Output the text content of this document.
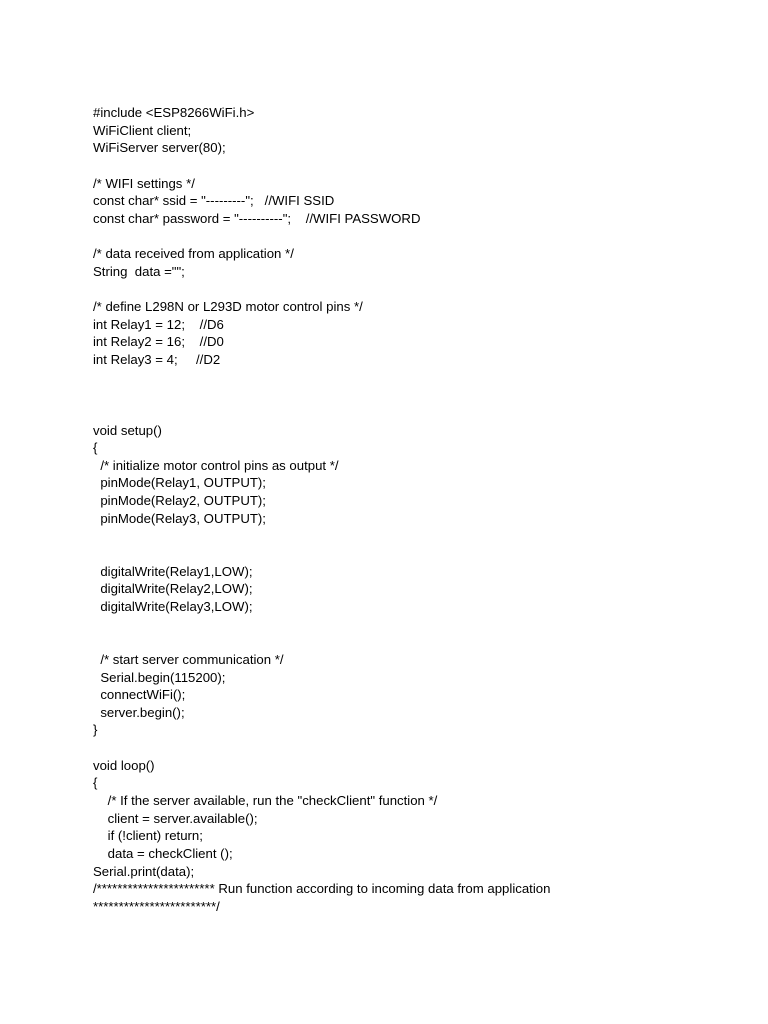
#include <ESP8266WiFi.h>
WiFiClient client;
WiFiServer server(80);
/* WIFI settings */
const char* ssid = "---------";   //WIFI SSID
const char* password = "----------";    //WIFI PASSWORD
/* data received from application */
String  data ="";
/* define L298N or L293D motor control pins */
int Relay1 = 12;    //D6
int Relay2 = 16;    //D0
int Relay3 = 4;     //D2
void setup()
{
/* initialize motor control pins as output */
pinMode(Relay1, OUTPUT);
pinMode(Relay2, OUTPUT);
pinMode(Relay3, OUTPUT);
digitalWrite(Relay1,LOW);
digitalWrite(Relay2,LOW);
digitalWrite(Relay3,LOW);
/* start server communication */
Serial.begin(115200);
connectWiFi();
server.begin();
}
void loop()
{
/* If the server available, run the "checkClient" function */
client = server.available();
if (!client) return;
data = checkClient ();
Serial.print(data);
/*********************** Run function according to incoming data from application
************************/
